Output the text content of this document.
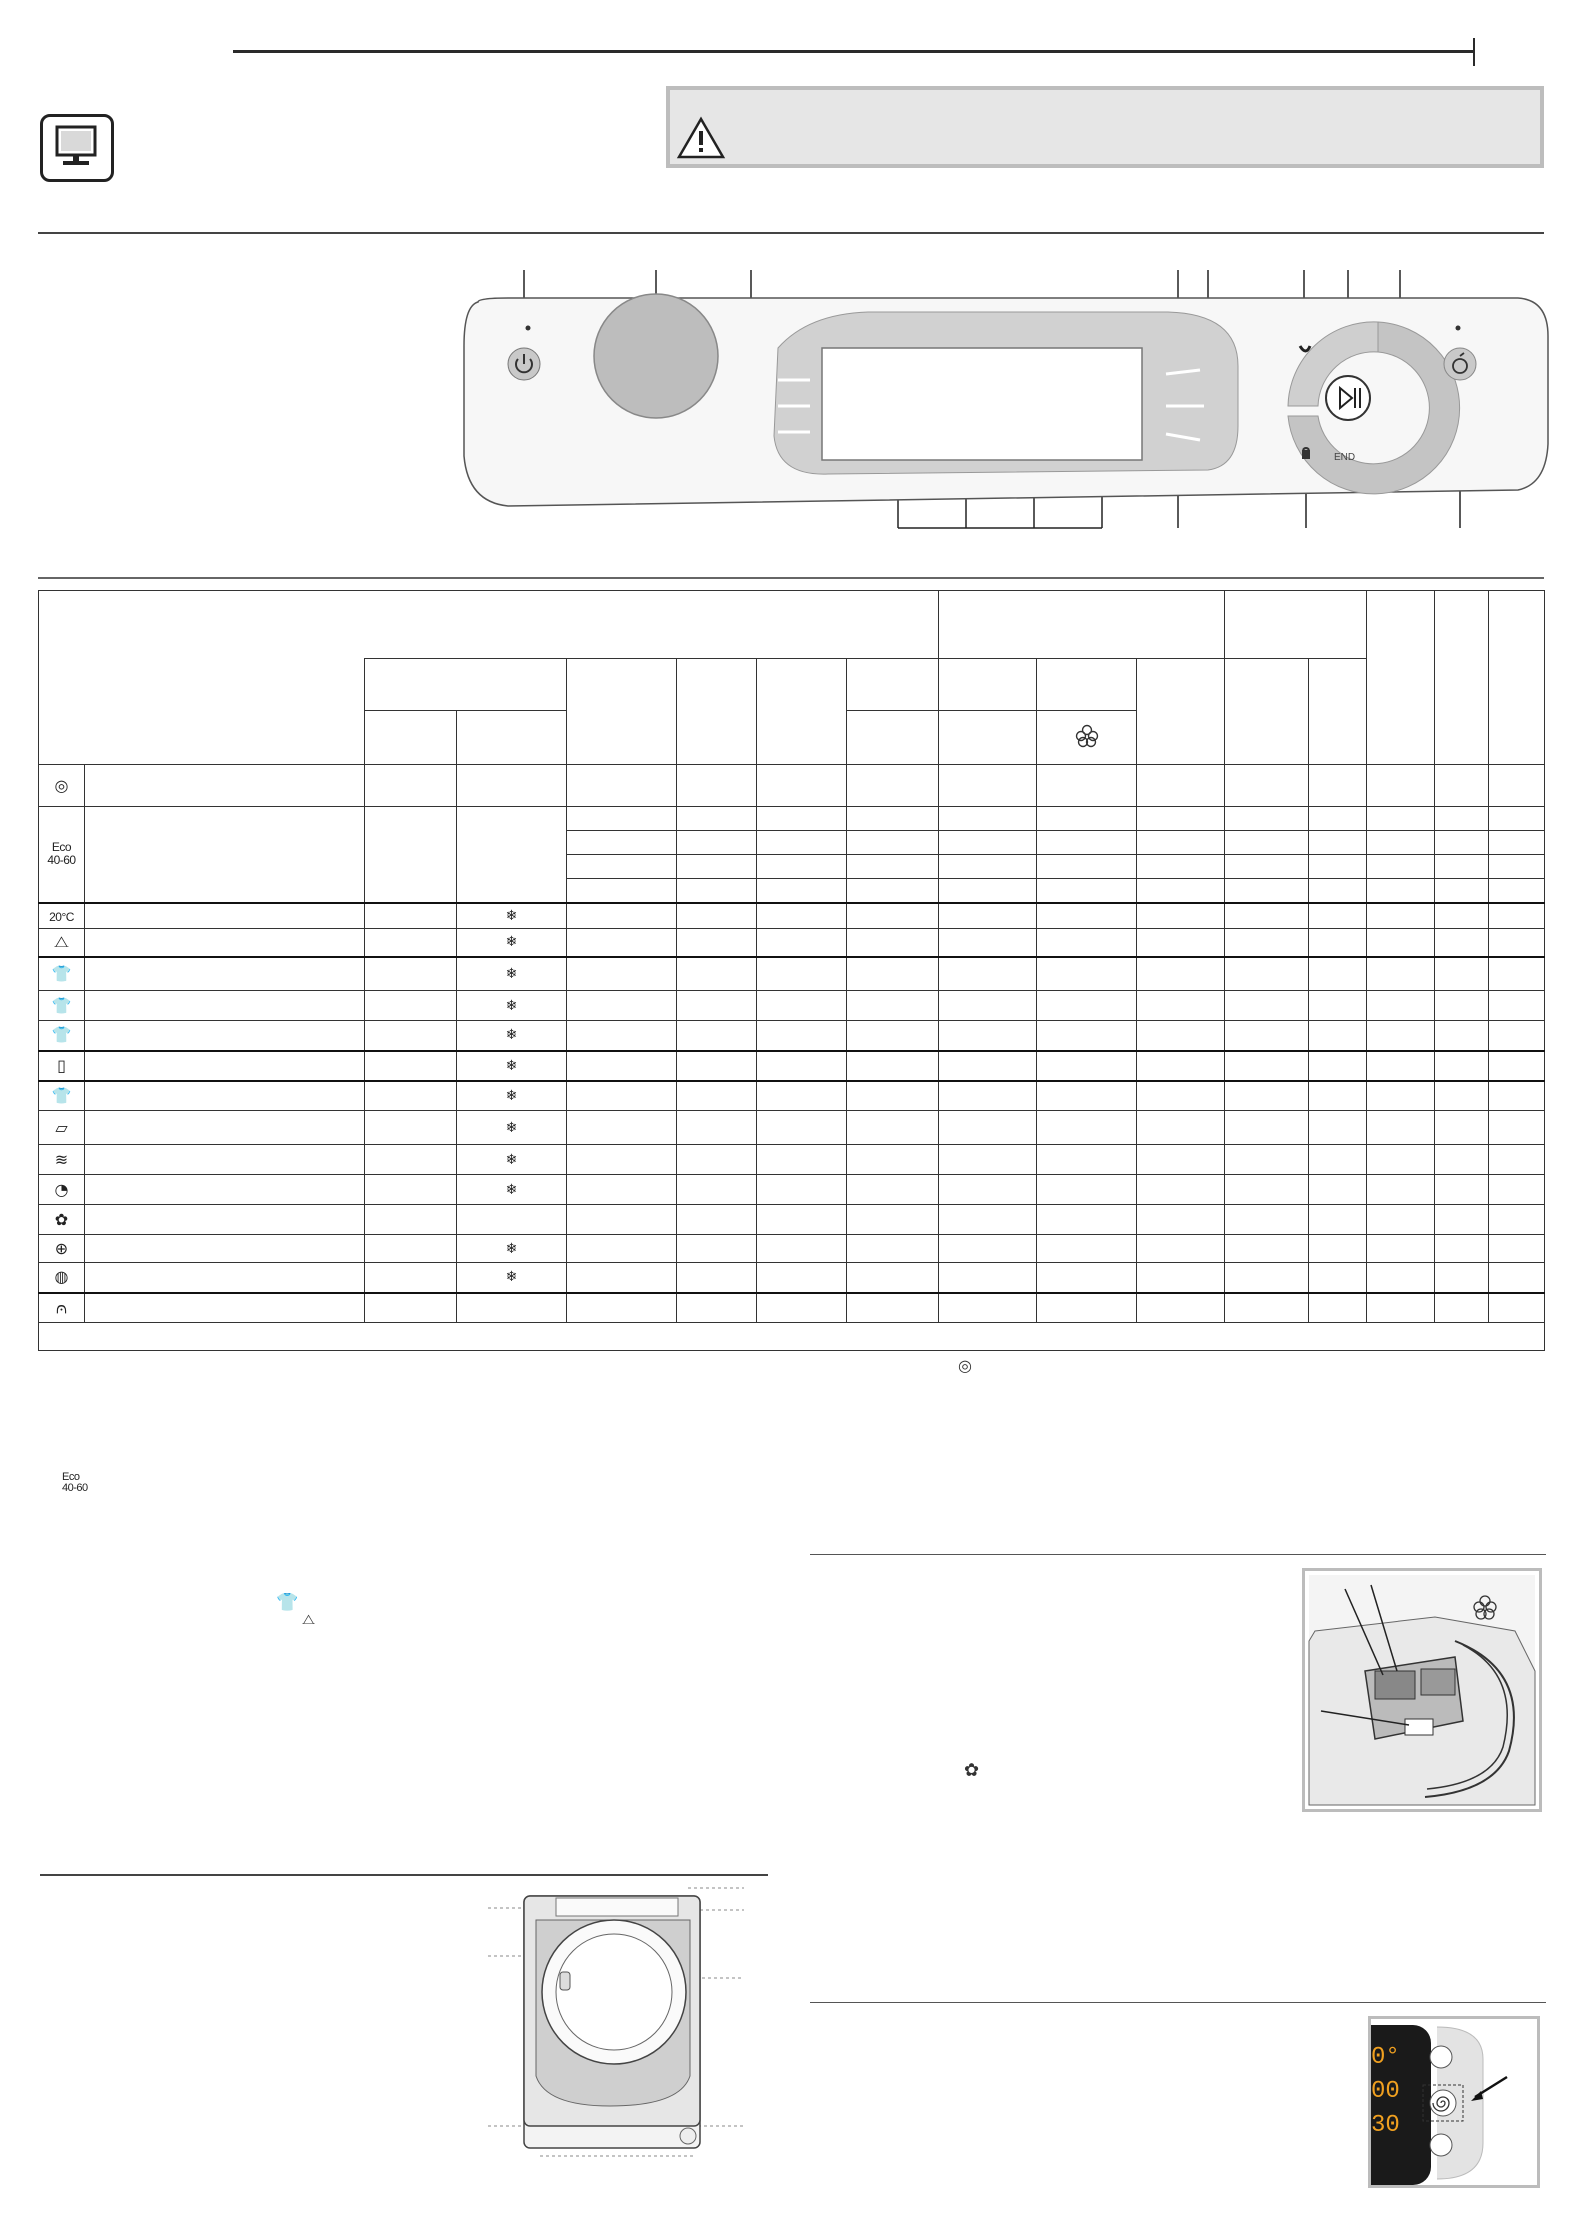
END

◎															

Eco
40-60															

20°C			❄												
⧍			❄												
👕			❄												
👕			❄												
👕			❄												
▯			❄												
👕			❄												
▱			❄												
≋			❄												
◔			❄												
✿															
⊕			❄												
◍			❄												
⩀															

◎
Eco
40-60
👕
⧍
✿
0°
00
30
